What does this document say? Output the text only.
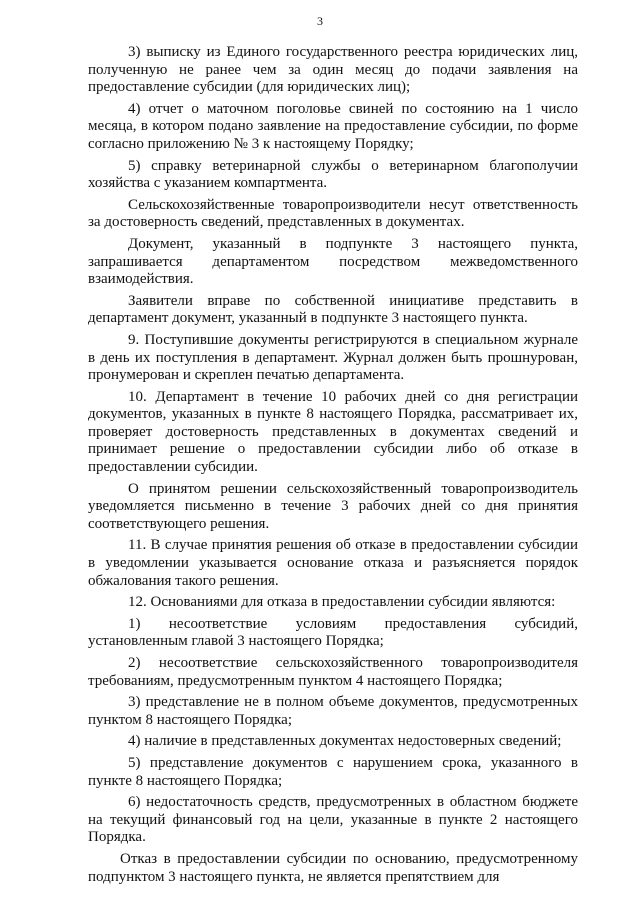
3

3) выписку из Единого государственного реестра юридических лиц, полученную не ранее чем за один месяц до подачи заявления на предоставление субсидии (для юридических лиц);

4) отчет о маточном поголовье свиней по состоянию на 1 число месяца, в котором подано заявление на предоставление субсидии, по форме согласно приложению № 3 к настоящему Порядку;

5) справку ветеринарной службы о ветеринарном благополучии хозяйства с указанием компартмента.

Сельскохозяйственные товаропроизводители несут ответственность за достоверность сведений, представленных в документах.

Документ, указанный в подпункте 3 настоящего пункта, запрашивается департаментом посредством межведомственного взаимодействия.

Заявители вправе по собственной инициативе представить в департамент документ, указанный в подпункте 3 настоящего пункта.

9. Поступившие документы регистрируются в специальном журнале в день их поступления в департамент. Журнал должен быть прошнурован, пронумерован и скреплен печатью департамента.

10. Департамент в течение 10 рабочих дней со дня регистрации документов, указанных в пункте 8 настоящего Порядка, рассматривает их, проверяет достоверность представленных в документах сведений и принимает решение о предоставлении субсидии либо об отказе в предоставлении субсидии.

О принятом решении сельскохозяйственный товаропроизводитель уведомляется письменно в течение 3 рабочих дней со дня принятия соответствующего решения.

11. В случае принятия решения об отказе в предоставлении субсидии в уведомлении указывается основание отказа и разъясняется порядок обжалования такого решения.

12. Основаниями для отказа в предоставлении субсидии являются:

1) несоответствие условиям предоставления субсидий, установленным главой 3 настоящего Порядка;

2) несоответствие сельскохозяйственного товаропроизводителя требованиям, предусмотренным пунктом 4 настоящего Порядка;

3) представление не в полном объеме документов, предусмотренных пунктом 8 настоящего Порядка;

4) наличие в представленных документах недостоверных сведений;

5) представление документов с нарушением срока, указанного в пункте 8 настоящего Порядка;

6) недостаточность средств, предусмотренных в областном бюджете на текущий финансовый год на цели, указанные в пункте 2 настоящего Порядка.

Отказ в предоставлении субсидии по основанию, предусмотренному подпунктом 3 настоящего пункта, не является препятствием для
